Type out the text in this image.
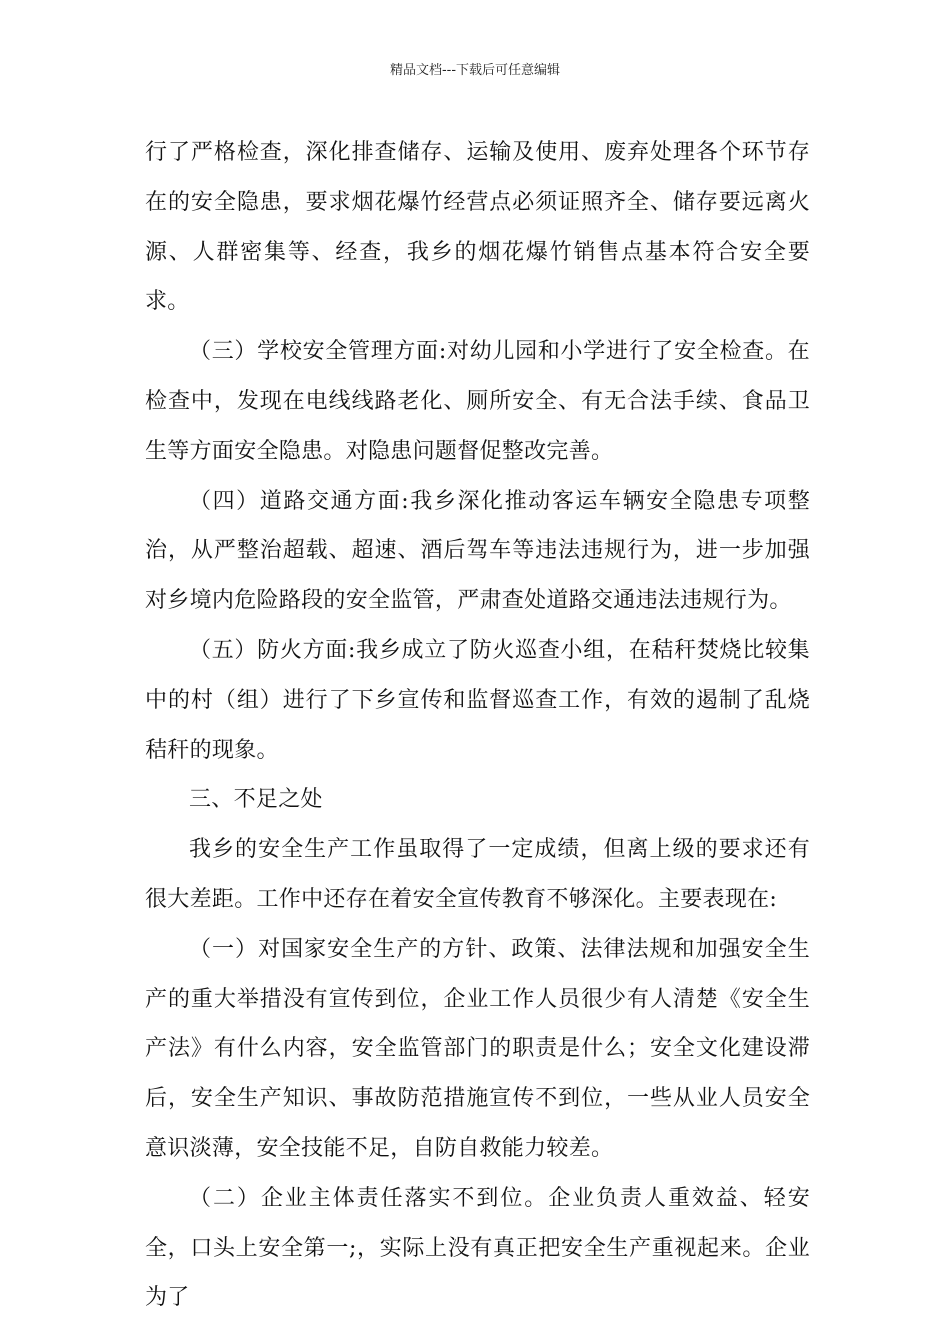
精品文档---下载后可任意编辑

行了严格检查，深化排查储存、运输及使用、废弃处理各个环节存在的安全隐患，要求烟花爆竹经营点必须证照齐全、储存要远离火源、人群密集等、经查，我乡的烟花爆竹销售点基本符合安全要求。

（三）学校安全管理方面:对幼儿园和小学进行了安全检查。在检查中，发现在电线线路老化、厕所安全、有无合法手续、食品卫生等方面安全隐患。对隐患问题督促整改完善。

（四）道路交通方面:我乡深化推动客运车辆安全隐患专项整治，从严整治超载、超速、酒后驾车等违法违规行为，进一步加强对乡境内危险路段的安全监管，严肃查处道路交通违法违规行为。

（五）防火方面:我乡成立了防火巡查小组，在秸秆焚烧比较集中的村（组）进行了下乡宣传和监督巡查工作，有效的遏制了乱烧秸秆的现象。

三、不足之处

我乡的安全生产工作虽取得了一定成绩，但离上级的要求还有很大差距。工作中还存在着安全宣传教育不够深化。主要表现在:

（一）对国家安全生产的方针、政策、法律法规和加强安全生产的重大举措没有宣传到位，企业工作人员很少有人清楚《安全生产法》有什么内容，安全监管部门的职责是什么；安全文化建设滞后，安全生产知识、事故防范措施宣传不到位，一些从业人员安全意识淡薄，安全技能不足，自防自救能力较差。

（二）企业主体责任落实不到位。企业负责人重效益、轻安全，口头上安全第一;，实际上没有真正把安全生产重视起来。企业为了
